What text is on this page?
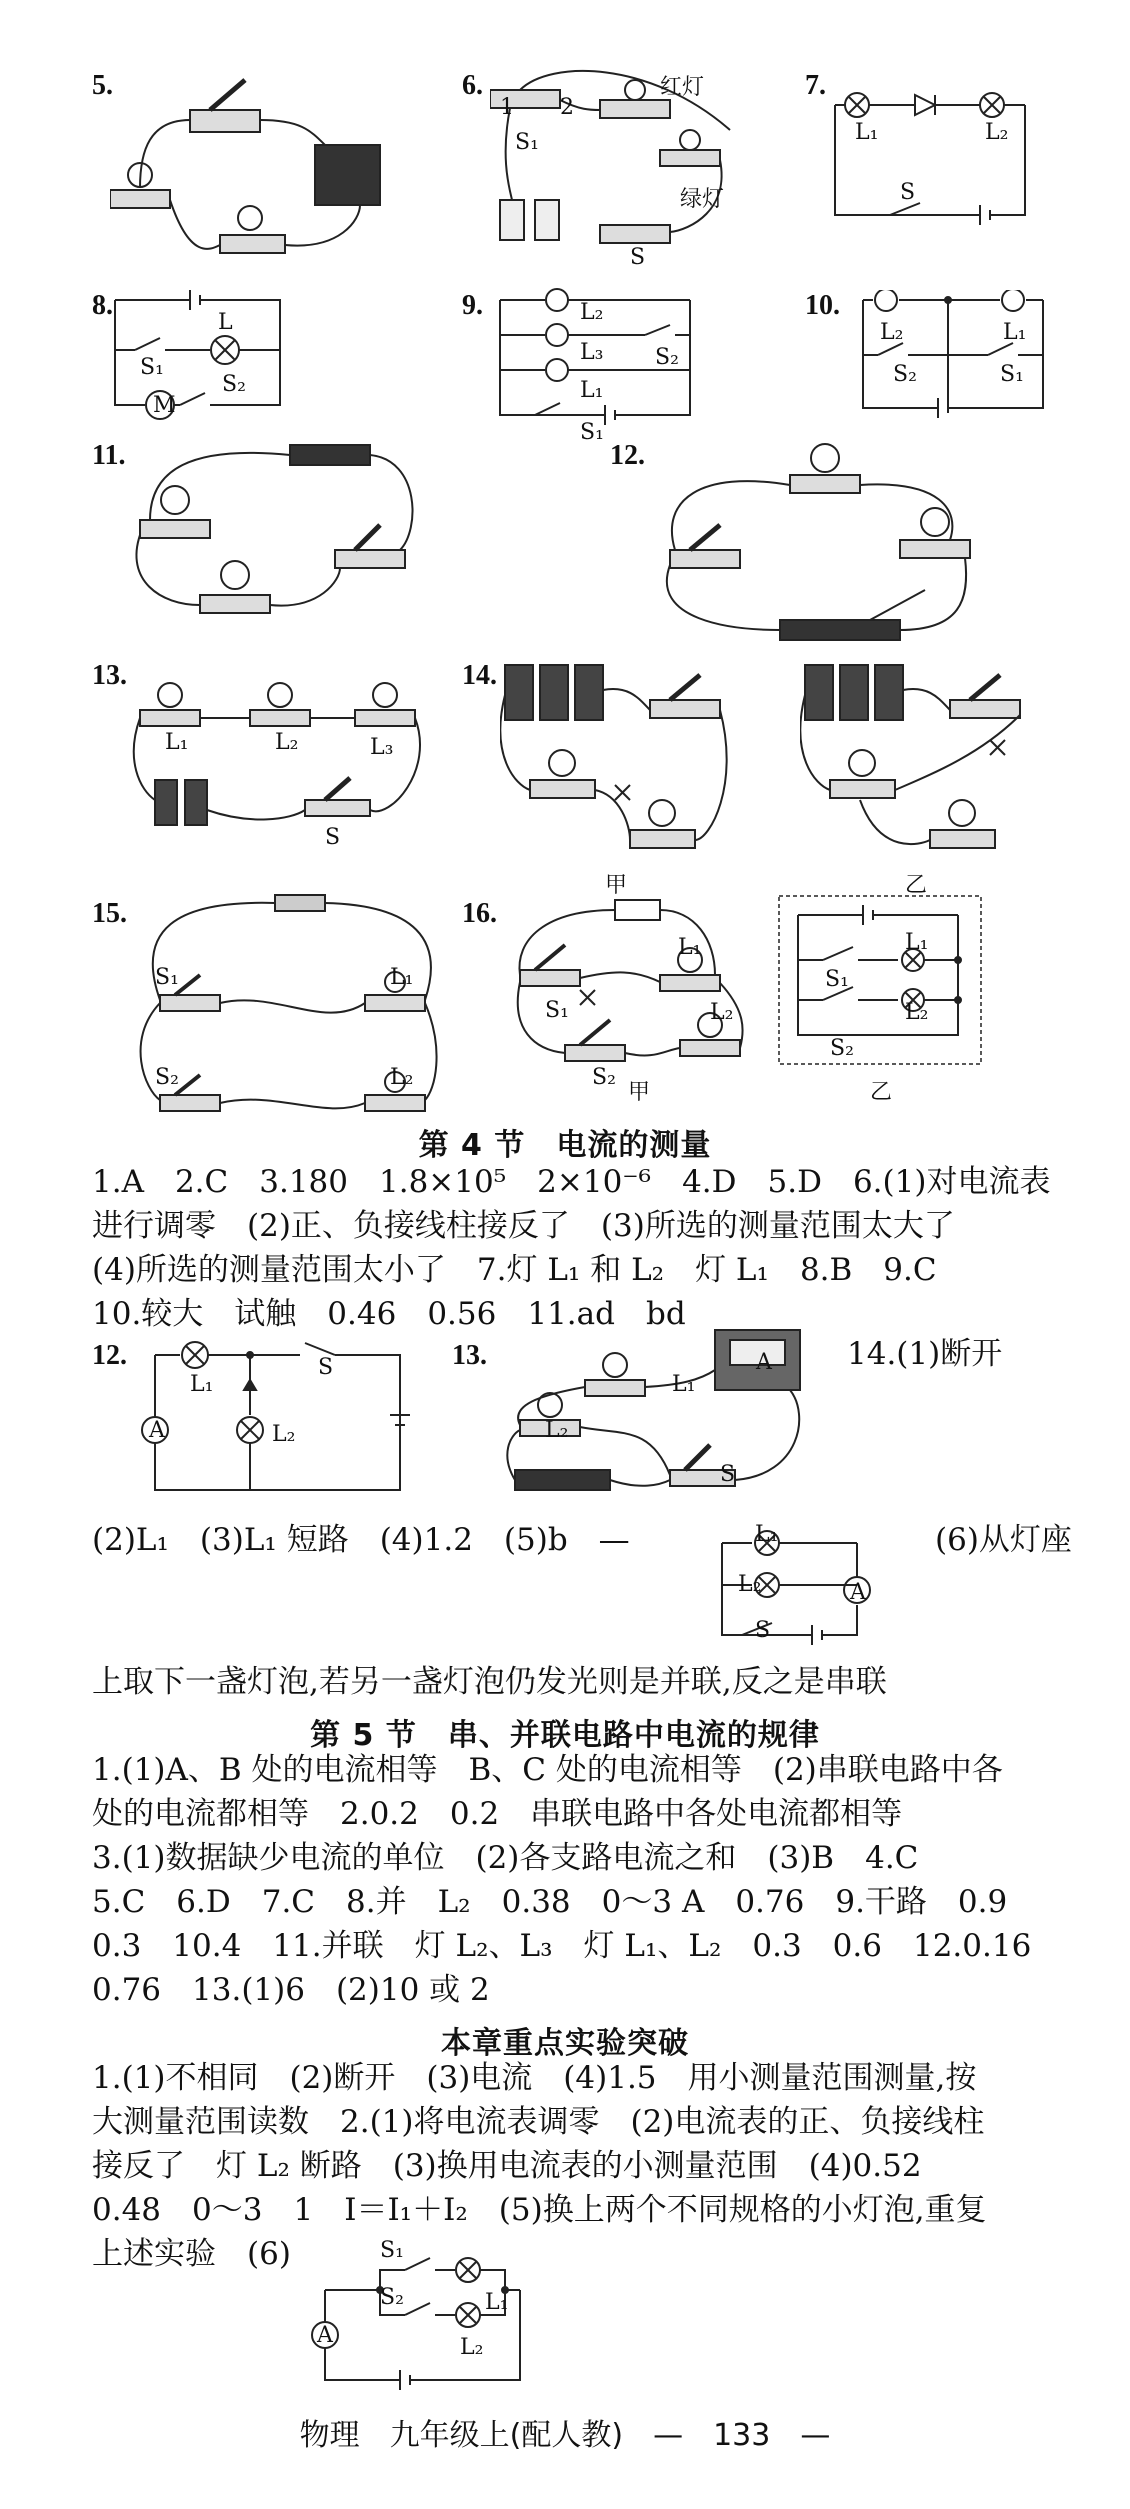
5.	6.	红灯
绿灯
S
S₁
1 2
7.
L₁	L₂
S
8.
L
S₁
S₂
M
9.	L₂
L₃
L₁
S₂
S₁
10.
L₂	L₁
S₂	S₁
11.	12.
13.
L₁	L₂	L₃
S
14.
甲	乙
15.
S₁	L₁
S₂	L₂
16.
L₁
S₁	L₂
S₂
甲
L₁
S₁
L₂
S₂
乙
第 4 节　电流的测量
1.A　2.C　3.180　1.8×10⁵　2×10⁻⁶　4.D　5.D　6.(1)对电流表
进行调零　(2)正、负接线柱接反了　(3)所选的测量范围太大了
(4)所选的测量范围太小了　7.灯 L₁ 和 L₂　灯 L₁　8.B　9.C
10.较大　试触　0.46　0.56　11.ad　bd
12.
L₁
L₂
S
A
13.
L₁
L₂
S
A 14.(1)断开
(2)L₁　(3)L₁ 短路　(4)1.2　(5)b　—	L₁
L₂
S
A
(6)从灯座
上取下一盏灯泡,若另一盏灯泡仍发光则是并联,反之是串联
第 5 节　串、并联电路中电流的规律
1.(1)A、B 处的电流相等　B、C 处的电流相等　(2)串联电路中各
处的电流都相等　2.0.2　0.2　串联电路中各处电流都相等
3.(1)数据缺少电流的单位　(2)各支路电流之和　(3)B　4.C
5.C　6.D　7.C　8.并　L₂　0.38　0～3 A　0.76　9.干路　0.9
0.3　10.4　11.并联　灯 L₂、L₃　灯 L₁、L₂　0.3　0.6　12.0.16
0.76　13.(1)6　(2)10 或 2
本章重点实验突破
1.(1)不相同　(2)断开　(3)电流　(4)1.5　用小测量范围测量,按
大测量范围读数　2.(1)将电流表调零　(2)电流表的正、负接线柱
接反了　灯 L₂ 断路　(3)换用电流表的小测量范围　(4)0.52
0.48　0～3　1　I＝I₁＋I₂　(5)换上两个不同规格的小灯泡,重复
上述实验　(6)	S₁
S₂	L₁
L₂
A
物理　九年级上(配人教)　—　133　—
